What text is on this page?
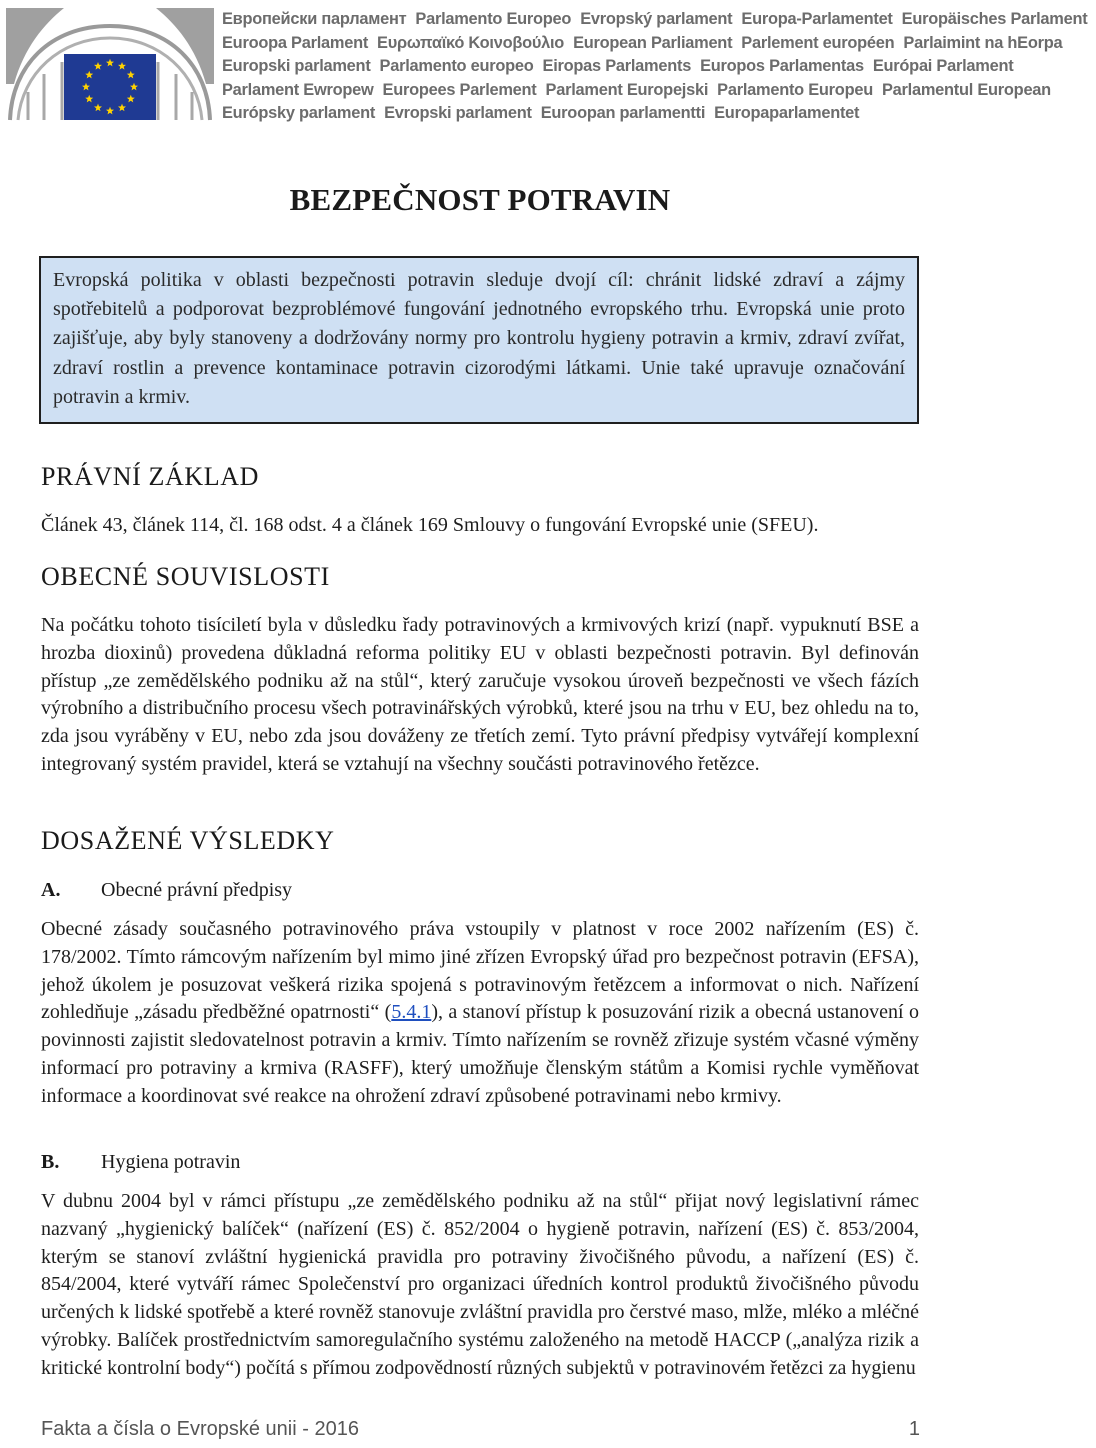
Европейски парламент Parlamento Europeo Evropský parlament Europa-Parlamentet Europäisches Parlament
Euroopa Parlament Ευρωπαϊκό Κοινοβούλιο European Parliament Parlement européen Parlaimint na hEorpa
Europski parlament Parlamento europeo Eiropas Parlaments Europos Parlamentas Európai Parlament
Parlament Ewropew Europees Parlement Parlament Europejski Parlamento Europeu Parlamentul European
Európsky parlament Evropski parlament Euroopan parlamentti Europaparlamentet
BEZPEČNOST POTRAVIN

Evropská politika v oblasti bezpečnosti potravin sleduje dvojí cíl: chránit lidské zdraví a zájmy spotřebitelů a podporovat bezproblémové fungování jednotného evropského trhu. Evropská unie proto zajišťuje, aby byly stanoveny a dodržovány normy pro kontrolu hygieny potravin a krmiv, zdraví zvířat, zdraví rostlin a prevence kontaminace potravin cizorodými látkami. Unie také upravuje označování potravin a krmiv.

PRÁVNÍ ZÁKLAD

Článek 43, článek 114, čl. 168 odst. 4 a článek 169 Smlouvy o fungování Evropské unie (SFEU).

OBECNÉ SOUVISLOSTI

Na počátku tohoto tisíciletí byla v důsledku řady potravinových a krmivových krizí (např. vypuknutí BSE a hrozba dioxinů) provedena důkladná reforma politiky EU v oblasti bezpečnosti potravin. Byl definován přístup „ze zemědělského podniku až na stůl“, který zaručuje vysokou úroveň bezpečnosti ve všech fázích výrobního a distribučního procesu všech potravinářských výrobků, které jsou na trhu v EU, bez ohledu na to, zda jsou vyráběny v EU, nebo zda jsou dováženy ze třetích zemí. Tyto právní předpisy vytvářejí komplexní integrovaný systém pravidel, která se vztahují na všechny součásti potravinového řetězce.

DOSAŽENÉ VÝSLEDKY
A. Obecné právní předpisy

Obecné zásady současného potravinového práva vstoupily v platnost v roce 2002 nařízením (ES) č. 178/2002. Tímto rámcovým nařízením byl mimo jiné zřízen Evropský úřad pro bezpečnost potravin (EFSA), jehož úkolem je posuzovat veškerá rizika spojená s potravinovým řetězcem a informovat o nich. Nařízení zohledňuje „zásadu předběžné opatrnosti“ (5.4.1), a stanoví přístup k posuzování rizik a obecná ustanovení o povinnosti zajistit sledovatelnost potravin a krmiv. Tímto nařízením se rovněž zřizuje systém včasné výměny informací pro potraviny a krmiva (RASFF), který umožňuje členským státům a Komisi rychle vyměňovat informace a koordinovat své reakce na ohrožení zdraví způsobené potravinami nebo krmivy.

B. Hygiena potravin

V dubnu 2004 byl v rámci přístupu „ze zemědělského podniku až na stůl“ přijat nový legislativní rámec nazvaný „hygienický balíček“ (nařízení (ES) č. 852/2004 o hygieně potravin, nařízení (ES) č. 853/2004, kterým se stanoví zvláštní hygienická pravidla pro potraviny živočišného původu, a nařízení (ES) č. 854/2004, které vytváří rámec Společenství pro organizaci úředních kontrol produktů živočišného původu určených k lidské spotřebě a které rovněž stanovuje zvláštní pravidla pro čerstvé maso, mlže, mléko a mléčné výrobky. Balíček prostřednictvím samoregulačního systému založeného na metodě HACCP („analýza rizik a kritické kontrolní body“) počítá s přímou zodpovědností různých subjektů v potravinovém řetězci za hygienu

Fakta a čísla o Evropské unii - 2016	1
